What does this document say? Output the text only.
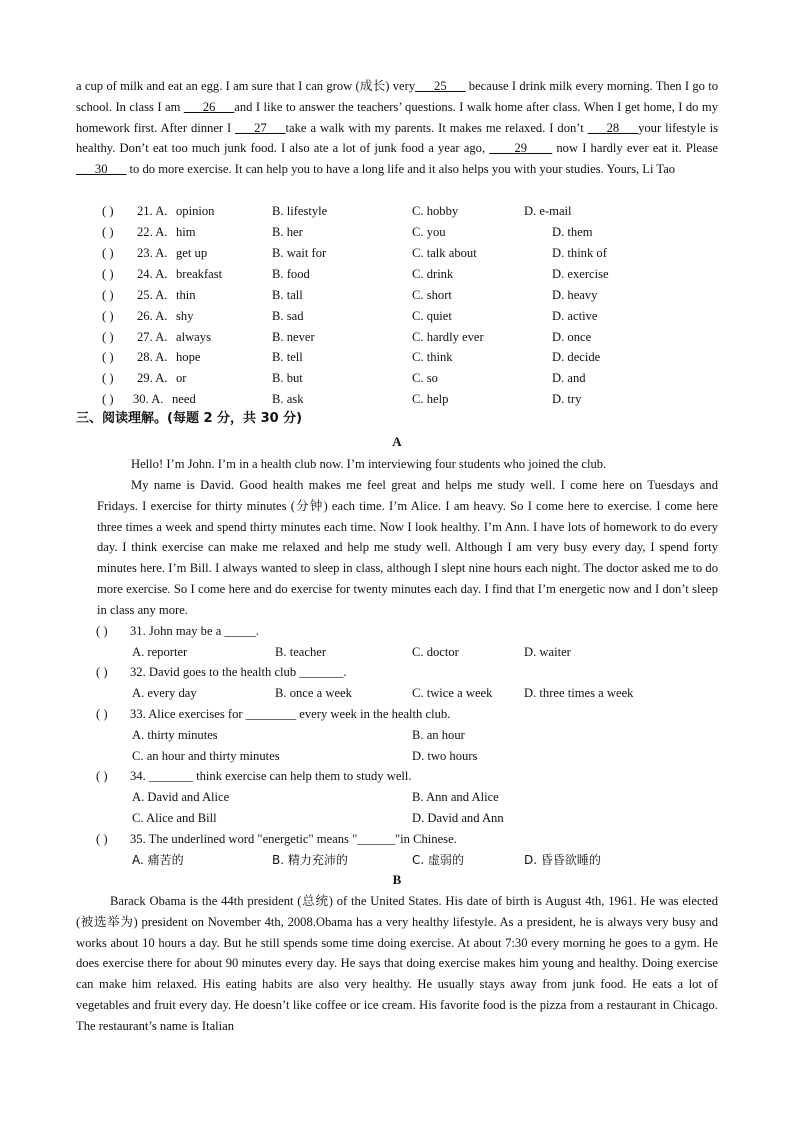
a cup of milk and eat an egg. I am sure that I can grow (成长) very___25___ because I drink milk every morning. Then I go to school. In class I am ___26___and I like to answer the teachers’ questions. I walk home after class. When I get home, I do my homework first. After dinner I ___27___take a walk with my parents. It makes me relaxed. I don’t ___28___your lifestyle is healthy. Don’t eat too much junk food. I also ate a lot of junk food a year ago, ____29____ now I hardly ever eat it. Please ___30___ to do more exercise. It can help you to have a long life and it also helps you with your studies. Yours, Li Tao

( ) 21. A. opinion	B. lifestyle	C. hobby	D. e-mail
( ) 22. A. him	B. her	C. you	D. them
( ) 23. A. get up	B. wait for	C. talk about	D. think of
( ) 24. A. breakfast	B. food	C. drink	D. exercise
( ) 25. A. thin	B. tall	C. short	D. heavy
( ) 26. A. shy	B. sad	C. quiet	D. active
( ) 27. A. always	B. never	C. hardly ever	D. once
( ) 28. A. hope	B. tell	C. think	D. decide
( ) 29. A. or	B. but	C. so	D. and
( ) 30. A. need	B. ask	C. help	D. try
三、阅读理解。(每题 2 分，共 30 分)
A

Hello! I’m John. I’m in a health club now. I’m interviewing four students who joined the club.

My name is David. Good health makes me feel great and helps me study well. I come here on Tuesdays and Fridays. I exercise for thirty minutes (分钟) each time. I’m Alice. I am heavy. So I come here to exercise. I come here three times a week and spend thirty minutes each time. Now I look healthy. I’m Ann. I have lots of homework to do every day. I think exercise can make me relaxed and help me study well. Although I am very busy every day, I spend forty minutes here. I’m Bill. I always wanted to sleep in class, although I slept nine hours each night. The doctor asked me to do more exercise. So I come here and do exercise for twenty minutes each day. I find that I’m energetic now and I don’t sleep in class any more.

( ) 31. John may be a _____.
A. reporter	B. teacher	C. doctor	D. waiter
( ) 32. David goes to the health club _______.
A. every day	B. once a week	C. twice a week	D. three times a week
( ) 33. Alice exercises for ________ every week in the health club.
A. thirty minutes	B. an hour
C. an hour and thirty minutes	D. two hours
( ) 34. _______ think exercise can help them to study well.
A. David and Alice	B. Ann and Alice
C. Alice and Bill	D. David and Ann
( ) 35. The underlined word "energetic" means "______"in Chinese.
A. 痛苦的	B. 精力充沛的	C. 虚弱的	D. 昏昏欲睡的
B

Barack Obama is the 44th president (总统) of the United States. His date of birth is August 4th, 1961. He was elected (被选举为) president on November 4th, 2008.Obama has a very healthy lifestyle. As a president, he is always very busy and works about 10 hours a day. But he still spends some time doing exercise. At about 7:30 every morning he goes to a gym. He does exercise there for about 90 minutes every day. He says that doing exercise makes him young and healthy. Doing exercise can make him relaxed. His eating habits are also very healthy. He usually stays away from junk food. He eats a lot of vegetables and fruit every day. He doesn’t like coffee or ice cream. His favorite food is the pizza from a restaurant in Chicago. The restaurant’s name is Italian
